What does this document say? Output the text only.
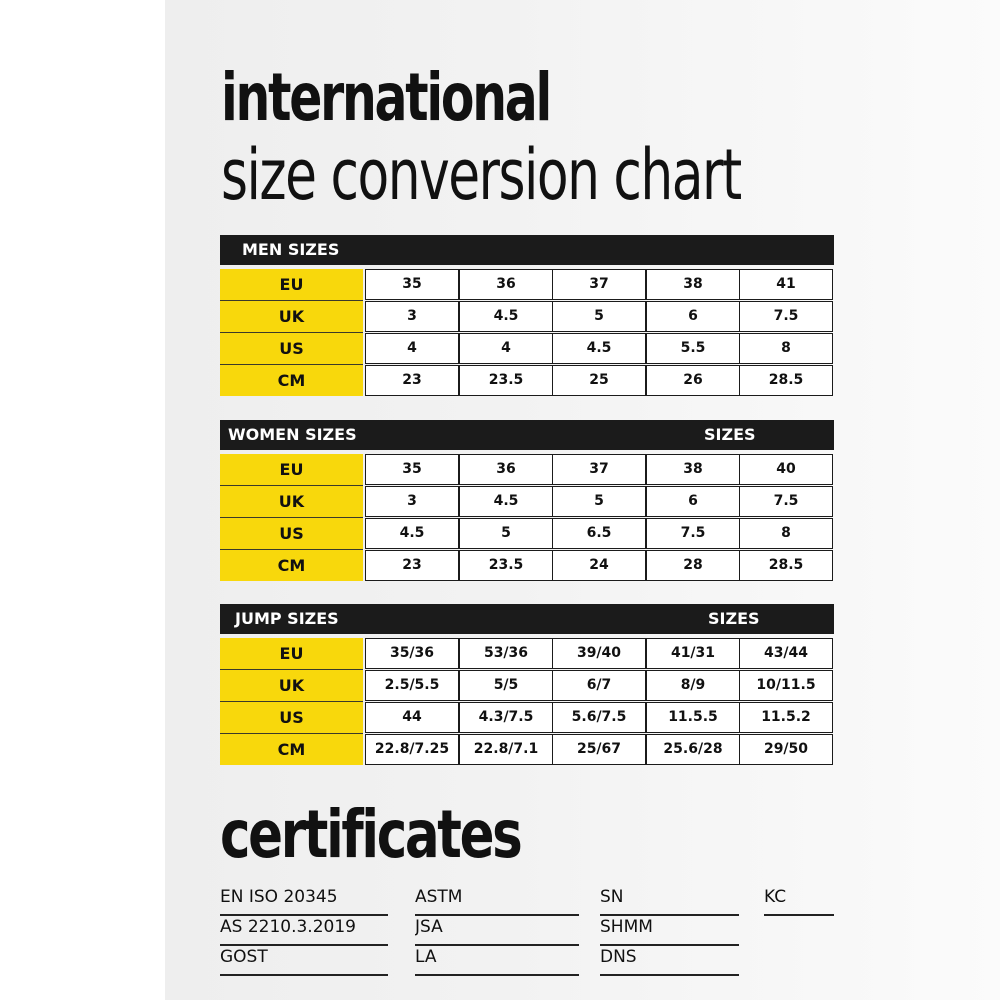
international
size conversion chart
MEN SIZES
EU	35	36	37	38	41
UK	3	4.5	5	6	7.5
US	4	4	4.5	5.5	8
CM	23	23.5	25	26	28.5
WOMEN SIZES	SIZES
EU	35	36	37	38	40
UK	3	4.5	5	6	7.5
US	4.5	5	6.5	7.5	8
CM	23	23.5	24	28	28.5
JUMP SIZES	SIZES
EU	35/36	53/36	39/40	41/31	43/44
UK	2.5/5.5	5/5	6/7	8/9	10/11.5
US	44	4.3/7.5	5.6/7.5	11.5.5	11.5.2
CM	22.8/7.25	22.8/7.1	25/67	25.6/28	29/50
certificates
EN ISO 20345
AS 2210.3.2019
GOST
ASTM
JSA
LA
SN
SHMM
DNS
KC
